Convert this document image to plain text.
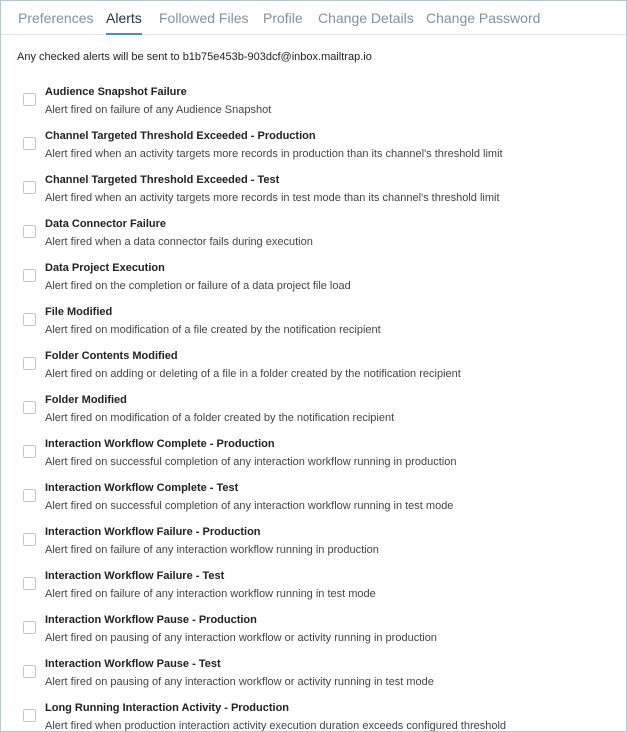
Preferences Alerts Followed Files Profile Change Details Change Password
Any checked alerts will be sent to b1b75e453b-903dcf@inbox.mailtrap.io
Audience Snapshot Failure
Alert fired on failure of any Audience Snapshot
Channel Targeted Threshold Exceeded - Production
Alert fired when an activity targets more records in production than its channel's threshold limit
Channel Targeted Threshold Exceeded - Test
Alert fired when an activity targets more records in test mode than its channel's threshold limit
Data Connector Failure
Alert fired when a data connector fails during execution
Data Project Execution
Alert fired on the completion or failure of a data project file load
File Modified
Alert fired on modification of a file created by the notification recipient
Folder Contents Modified
Alert fired on adding or deleting of a file in a folder created by the notification recipient
Folder Modified
Alert fired on modification of a folder created by the notification recipient
Interaction Workflow Complete - Production
Alert fired on successful completion of any interaction workflow running in production
Interaction Workflow Complete - Test
Alert fired on successful completion of any interaction workflow running in test mode
Interaction Workflow Failure - Production
Alert fired on failure of any interaction workflow running in production
Interaction Workflow Failure - Test
Alert fired on failure of any interaction workflow running in test mode
Interaction Workflow Pause - Production
Alert fired on pausing of any interaction workflow or activity running in production
Interaction Workflow Pause - Test
Alert fired on pausing of any interaction workflow or activity running in test mode
Long Running Interaction Activity - Production
Alert fired when production interaction activity execution duration exceeds configured threshold
